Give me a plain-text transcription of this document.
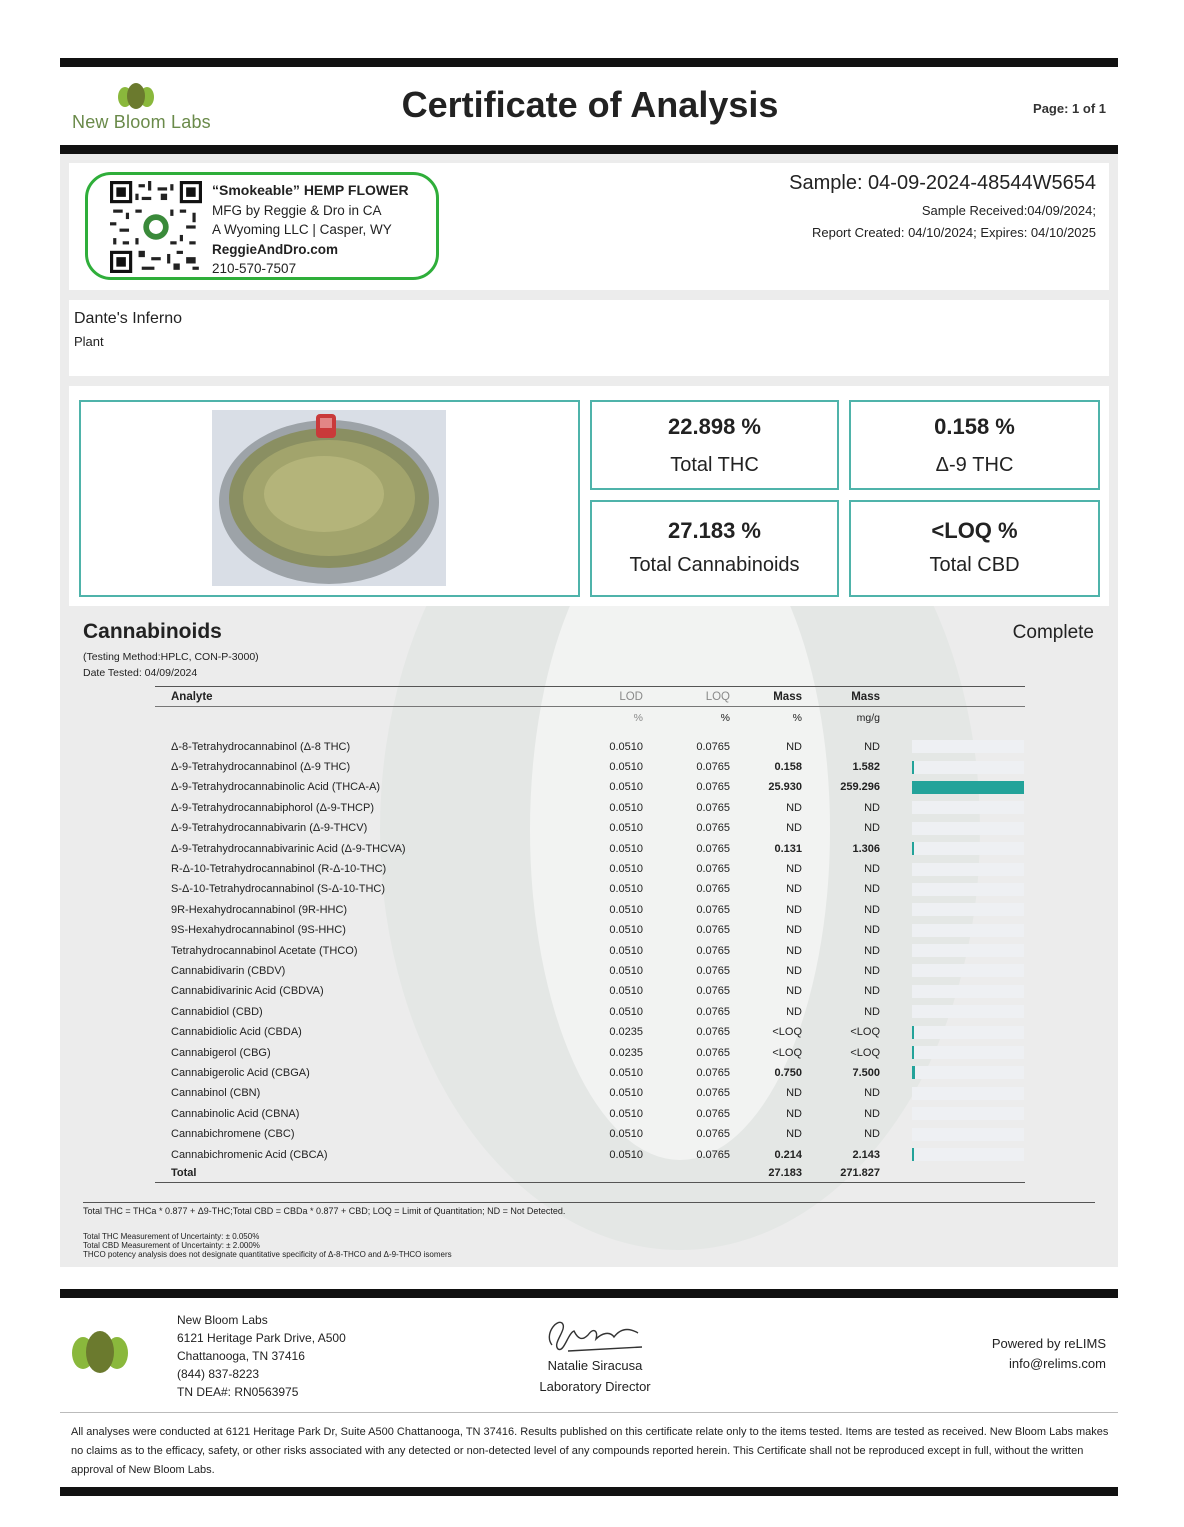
New Bloom Labs	Certificate of Analysis	Page: 1 of 1
“Smokeable” HEMP FLOWER
MFG by Reggie & Dro in CA
A Wyoming LLC | Casper, WY
ReggieAndDro.com
210-570-7507
Sample: 04-09-2024-48544W5654
Sample Received:04/09/2024;
Report Created: 04/10/2024; Expires: 04/10/2025
Dante's Inferno
Plant
22.898 %
Total THC
0.158 %
Δ-9 THC
27.183 %
Total Cannabinoids
<LOQ %
Total CBD
Cannabinoids	Complete
(Testing Method:HPLC, CON-P-3000)
Date Tested: 04/09/2024
Analyte	LOD	LOQ	Mass	Mass	
	%	%	%	mg/g	

Δ-8-Tetrahydrocannabinol (Δ-8 THC)	0.0510	0.0765	ND	ND	

Δ-9-Tetrahydrocannabinol (Δ-9 THC)	0.0510	0.0765	0.158	1.582	

Δ-9-Tetrahydrocannabinolic Acid (THCA-A)	0.0510	0.0765	25.930	259.296	

Δ-9-Tetrahydrocannabiphorol (Δ-9-THCP)	0.0510	0.0765	ND	ND	

Δ-9-Tetrahydrocannabivarin (Δ-9-THCV)	0.0510	0.0765	ND	ND	

Δ-9-Tetrahydrocannabivarinic Acid (Δ-9-THCVA)	0.0510	0.0765	0.131	1.306	

R-Δ-10-Tetrahydrocannabinol (R-Δ-10-THC)	0.0510	0.0765	ND	ND	

S-Δ-10-Tetrahydrocannabinol (S-Δ-10-THC)	0.0510	0.0765	ND	ND	

9R-Hexahydrocannabinol (9R-HHC)	0.0510	0.0765	ND	ND	

9S-Hexahydrocannabinol (9S-HHC)	0.0510	0.0765	ND	ND	

Tetrahydrocannabinol Acetate (THCO)	0.0510	0.0765	ND	ND	

Cannabidivarin (CBDV)	0.0510	0.0765	ND	ND	

Cannabidivarinic Acid (CBDVA)	0.0510	0.0765	ND	ND	

Cannabidiol (CBD)	0.0510	0.0765	ND	ND	

Cannabidiolic Acid (CBDA)	0.0235	0.0765	<LOQ	<LOQ	

Cannabigerol (CBG)	0.0235	0.0765	<LOQ	<LOQ	

Cannabigerolic Acid (CBGA)	0.0510	0.0765	0.750	7.500	

Cannabinol (CBN)	0.0510	0.0765	ND	ND	

Cannabinolic Acid (CBNA)	0.0510	0.0765	ND	ND	

Cannabichromene (CBC)	0.0510	0.0765	ND	ND	

Cannabichromenic Acid (CBCA)	0.0510	0.0765	0.214	2.143	

Total			27.183	271.827	
Total THC = THCa * 0.877 + Δ9-THC;Total CBD = CBDa * 0.877 + CBD; LOQ = Limit of Quantitation; ND = Not Detected.
Total THC Measurement of Uncertainty: ± 0.050%
Total CBD Measurement of Uncertainty: ± 2.000%
THCO potency analysis does not designate quantitative specificity of Δ-8-THCO and Δ-9-THCO isomers
New Bloom Labs
6121 Heritage Park Drive, A500
Chattanooga, TN 37416
(844) 837-8223
TN DEA#: RN0563975
Natalie Siracusa
Laboratory Director
Powered by reLIMS
info@relims.com
All analyses were conducted at 6121 Heritage Park Dr, Suite A500 Chattanooga, TN 37416. Results published on this certificate relate only to the items tested. Items are tested as received. New Bloom Labs makes no claims as to the efficacy, safety, or other risks associated with any detected or non-detected level of any compounds reported herein. This Certificate shall not be reproduced except in full, without the written approval of New Bloom Labs.
